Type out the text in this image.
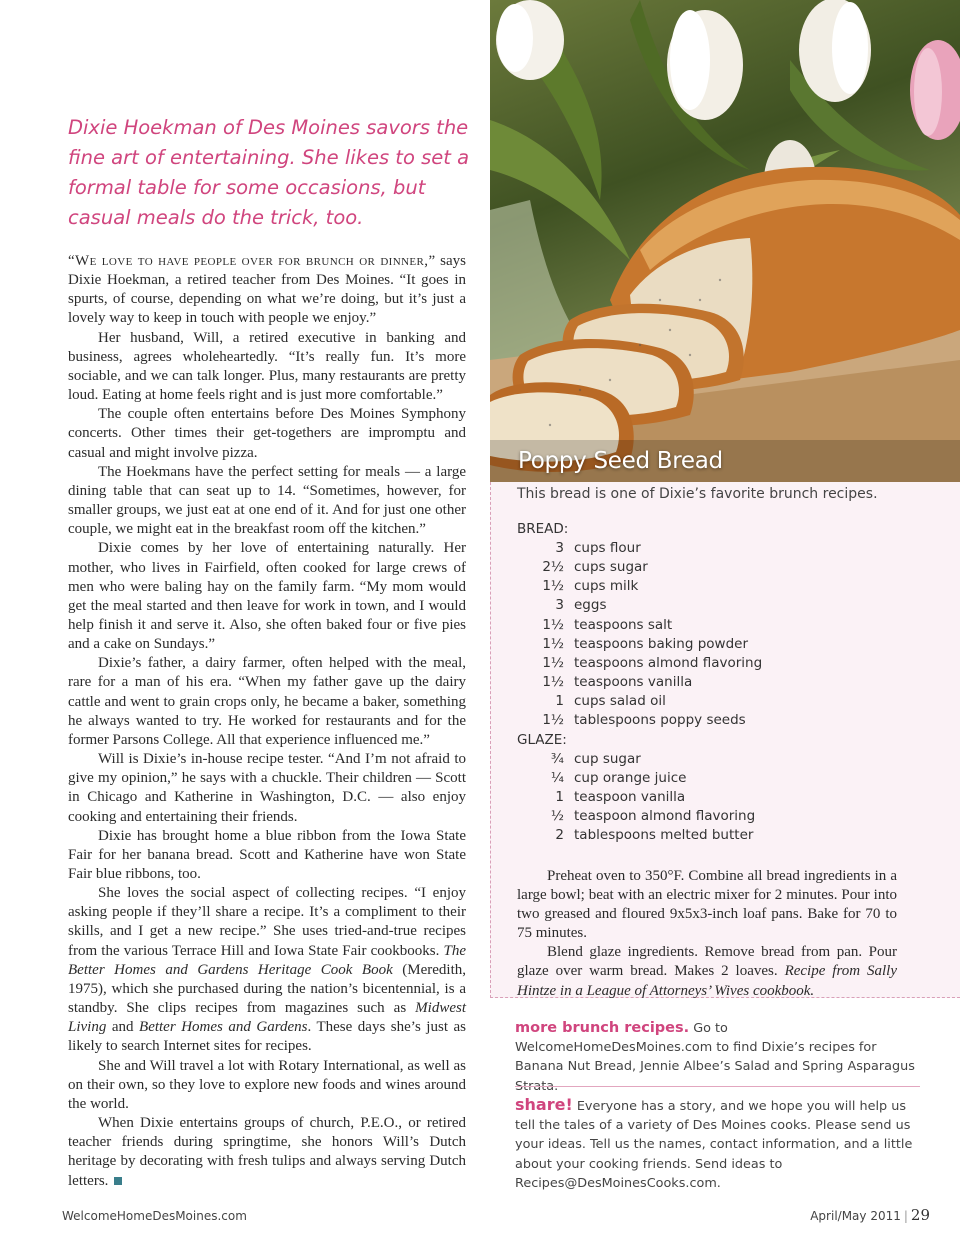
Dixie Hoekman of Des Moines savors the fine art of entertaining. She likes to set a formal table for some occasions, but casual meals do the trick, too.

“We love to have people over for brunch or dinner,” says Dixie Hoekman, a retired teacher from Des Moines. “It goes in spurts, of course, depending on what we’re doing, but it’s just a lovely way to keep in touch with people we enjoy.”

Her husband, Will, a retired executive in banking and business, agrees wholeheartedly. “It’s really fun. It’s more sociable, and we can talk longer. Plus, many restaurants are pretty loud. Eating at home feels right and is just more comfortable.”

The couple often entertains before Des Moines Symphony concerts. Other times their get-togethers are impromptu and casual and might involve pizza.

The Hoekmans have the perfect setting for meals — a large dining table that can seat up to 14. “Sometimes, however, for smaller groups, we just eat at one end of it. And for just one other couple, we might eat in the breakfast room off the kitchen.”

Dixie comes by her love of entertaining naturally. Her mother, who lives in Fairfield, often cooked for large crews of men who were baling hay on the family farm. “My mom would get the meal started and then leave for work in town, and I would help finish it and serve it. Also, she often baked four or five pies and a cake on Sundays.”

Dixie’s father, a dairy farmer, often helped with the meal, rare for a man of his era. “When my father gave up the dairy cattle and went to grain crops only, he became a baker, something he always wanted to try. He worked for restaurants and for the former Parsons College. All that experience influenced me.”

Will is Dixie’s in-house recipe tester. “And I’m not afraid to give my opinion,” he says with a chuckle. Their children — Scott in Chicago and Katherine in Washington, D.C. — also enjoy cooking and entertaining their friends.

Dixie has brought home a blue ribbon from the Iowa State Fair for her banana bread. Scott and Katherine have won State Fair blue ribbons, too.

She loves the social aspect of collecting recipes. “I enjoy asking people if they’ll share a recipe. It’s a compliment to their skills, and I get a new recipe.” She uses tried-and-true recipes from the various Terrace Hill and Iowa State Fair cookbooks. The Better Homes and Gardens Heritage Cook Book (Meredith, 1975), which she purchased during the nation’s bicentennial, is a standby. She clips recipes from magazines such as Midwest Living and Better Homes and Gardens. These days she’s just as likely to search Internet sites for recipes.

She and Will travel a lot with Rotary International, as well as on their own, so they love to explore new foods and wines around the world.

When Dixie entertains groups of church, P.E.O., or retired teacher friends during springtime, she honors Will’s Dutch heritage by decorating with fresh tulips and always serving Dutch letters.

Poppy Seed Bread
This bread is one of Dixie’s favorite brunch recipes.
BREAD:
3 cups flour
2½ cups sugar
1½ cups milk
3 eggs
1½ teaspoons salt
1½ teaspoons baking powder
1½ teaspoons almond flavoring
1½ teaspoons vanilla
1 cups salad oil
1½ tablespoons poppy seeds
GLAZE:
¾ cup sugar
¼ cup orange juice
1 teaspoon vanilla
½ teaspoon almond flavoring
2 tablespoons melted butter

Preheat oven to 350°F. Combine all bread ingredients in a large bowl; beat with an electric mixer for 2 minutes. Pour into two greased and floured 9x5x3-inch loaf pans. Bake for 70 to 75 minutes.

Blend glaze ingredients. Remove bread from pan. Pour glaze over warm bread. Makes 2 loaves. Recipe from Sally Hintze in a League of Attorneys’ Wives cookbook.

more brunch recipes. Go to WelcomeHomeDesMoines.com to find Dixie’s recipes for Banana Nut Bread, Jennie Albee’s Salad and Spring Asparagus Strata.
share! Everyone has a story, and we hope you will help us tell the tales of a variety of Des Moines cooks. Please send us your ideas. Tell us the names, contact information, and a little about your cooking friends. Send ideas to Recipes@DesMoinesCooks.com.
WelcomeHomeDesMoines.com	April/May 2011 | 29
